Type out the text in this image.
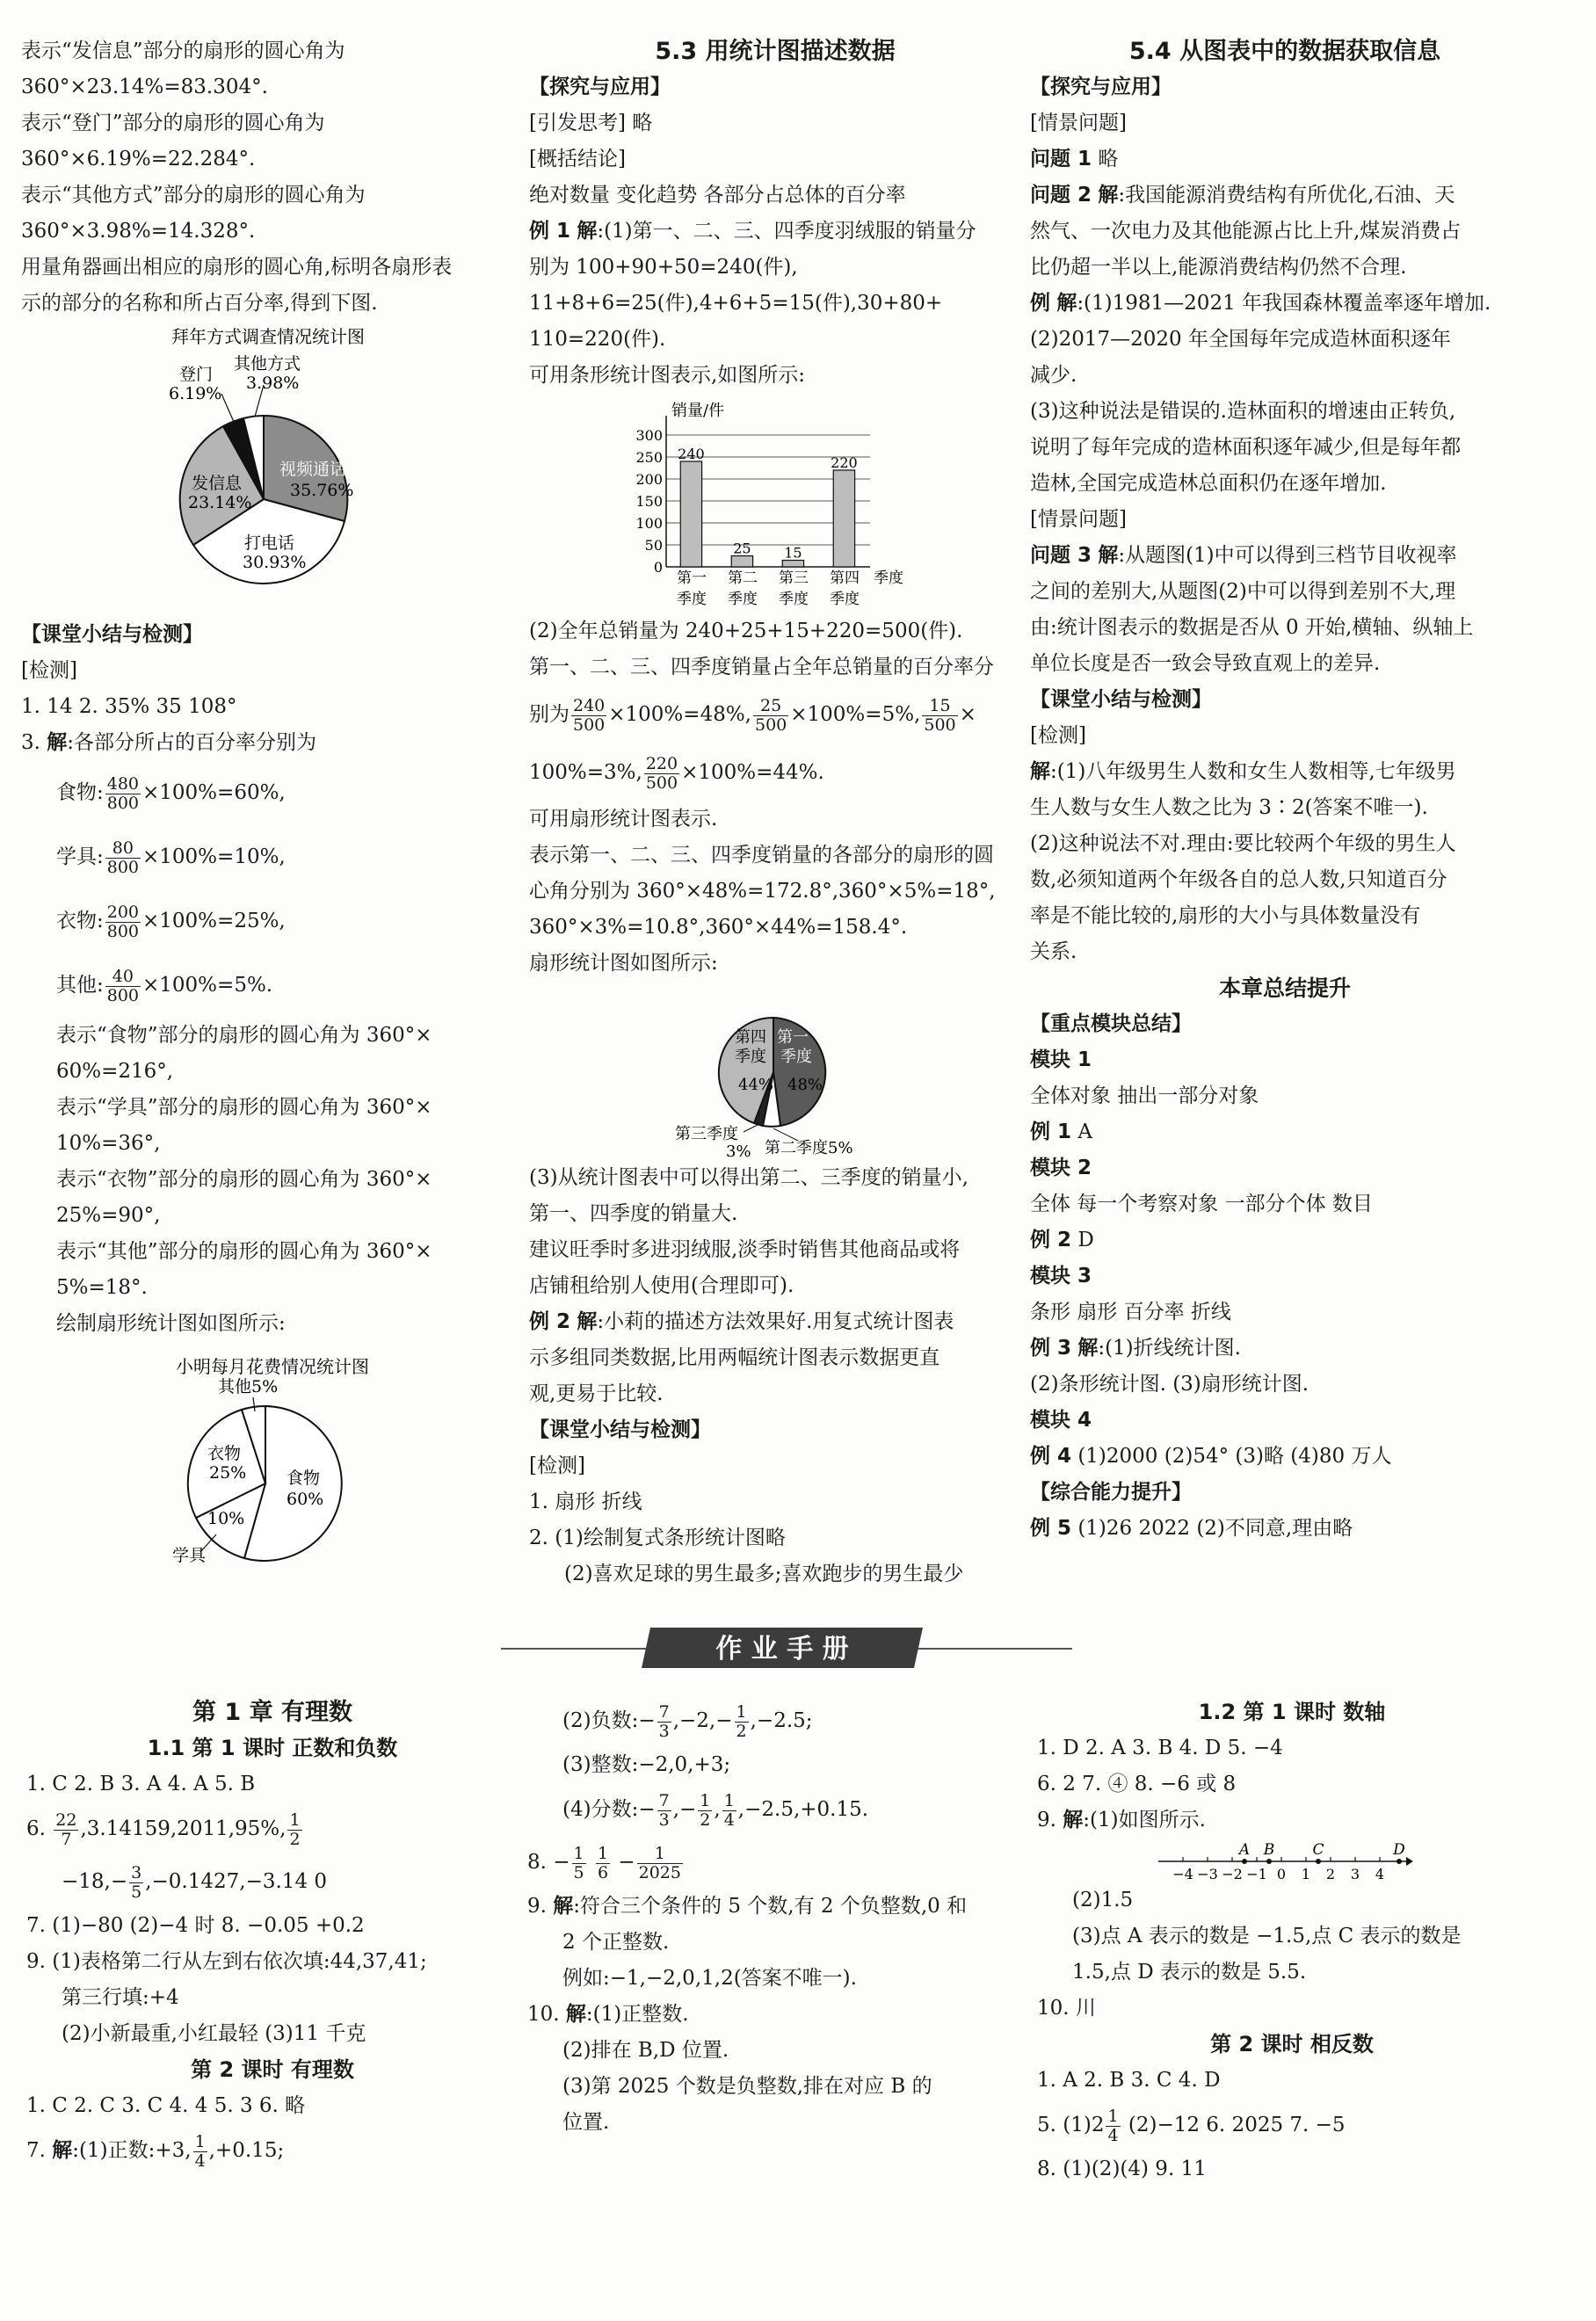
表示“发信息”部分的扇形的圆心角为

360°×23.14%=83.304°.

表示“登门”部分的扇形的圆心角为

360°×6.19%=22.284°.

表示“其他方式”部分的扇形的圆心角为

360°×3.98%=14.328°.

用量角器画出相应的扇形的圆心角,标明各扇形表

示的部分的名称和所占百分率,得到下图.

拜年方式调查情况统计图
登门
6.19%
其他方式
3.98%
发信息
23.14%
视频通话
35.76%
打电话
30.93%

【课堂小结与检测】

[检测]

1. 14 2. 35% 35 108°

3. 解:各部分所占的百分率分别为

食物: $\frac{480}{800} \times 100\%=60\%$,

学具: $\frac{80}{800} \times 100\%=10\%$,

衣物: $\frac{200}{800} \times 100\%=25\%$,

其他: $\frac{40}{800} \times 100\%=5\%$.

表示“食物”部分的扇形的圆心角为 360°×

60%=216°,

表示“学具”部分的扇形的圆心角为 360°×

10%=36°,

表示“衣物”部分的扇形的圆心角为 360°×

25%=90°,

表示“其他”部分的扇形的圆心角为 360°×

5%=18°.

绘制扇形统计图如图所示:

小明每月花费情况统计图
其他5%
衣物
25% 食物
60%
10%
学具

5.3 用统计图描述数据

【探究与应用】

[引发思考] 略

[概括结论]

绝对数量 变化趋势 各部分占总体的百分率

例 1 解:(1)第一、二、三、四季度羽绒服的销量分

别为 100+90+50=240(件),

11+8+6=25(件),4+6+5=15(件),30+80+

110=220(件).

可用条形统计图表示,如图所示:

销量/件
0
50
100
150
200
250
300
240
第一
季度
25
第二
季度
15
第三
季度
220
第四
季度
季度

(2)全年总销量为 240+25+15+220=500(件).

第一、二、三、四季度销量占全年总销量的百分率分

别为 $\frac{240}{500} \times 100\%=48\%$, $\frac{25}{500} \times 100\%=5\%$, $\frac{15}{500}$ ×

100%=3%, $\frac{220}{500} \times 100\%=44\%$.

可用扇形统计图表示.

表示第一、二、三、四季度销量的各部分的扇形的圆

心角分别为 360°×48%=172.8°,360°×5%=18°,

360°×3%=10.8°,360°×44%=158.4°.

扇形统计图如图所示:

第四
季度
44%
第一
季度
48%
第三季度
3% 第二季度5%

(3)从统计图表中可以得出第二、三季度的销量小,

第一、四季度的销量大.

建议旺季时多进羽绒服,淡季时销售其他商品或将

店铺租给别人使用(合理即可).

例 2 解:小莉的描述方法效果好.用复式统计图表

示多组同类数据,比用两幅统计图表示数据更直

观,更易于比较.

【课堂小结与检测】

[检测]

1. 扇形 折线

2. (1)绘制复式条形统计图略

(2)喜欢足球的男生最多;喜欢跑步的男生最少

5.4 从图表中的数据获取信息

【探究与应用】

[情景问题]

问题 1 略

问题 2 解:我国能源消费结构有所优化,石油、天

然气、一次电力及其他能源占比上升,煤炭消费占

比仍超一半以上,能源消费结构仍然不合理.

例 解:(1)1981—2021 年我国森林覆盖率逐年增加.

(2)2017—2020 年全国每年完成造林面积逐年

减少.

(3)这种说法是错误的.造林面积的增速由正转负,

说明了每年完成的造林面积逐年减少,但是每年都

造林,全国完成造林总面积仍在逐年增加.

[情景问题]

问题 3 解:从题图(1)中可以得到三档节目收视率

之间的差别大,从题图(2)中可以得到差别不大,理

由:统计图表示的数据是否从 0 开始,横轴、纵轴上

单位长度是否一致会导致直观上的差异.

【课堂小结与检测】

[检测]

解:(1)八年级男生人数和女生人数相等,七年级男

生人数与女生人数之比为 3∶2(答案不唯一).

(2)这种说法不对.理由:要比较两个年级的男生人

数,必须知道两个年级各自的总人数,只知道百分

率是不能比较的,扇形的大小与具体数量没有

关系.

本章总结提升

【重点模块总结】

模块 1

全体对象 抽出一部分对象

例 1 A

模块 2

全体 每一个考察对象 一部分个体 数目

例 2 D

模块 3

条形 扇形 百分率 折线

例 3 解:(1)折线统计图.

(2)条形统计图. (3)扇形统计图.

模块 4

例 4 (1)2000 (2)54° (3)略 (4)80 万人

【综合能力提升】

例 5 (1)26 2022 (2)不同意,理由略

作 业 手 册

第 1 章 有理数

1.1 第 1 课时 正数和负数

1. C 2. B 3. A 4. A 5. B

6. $\frac{22}{7} ,3.14159,2011,95\%$, $\frac{1}{2}$

$-18,- \frac{3}{5} ,-0.1427,-3.14$ 0

7. (1)−80 (2)−4 时 8. −0.05 +0.2

9. (1)表格第二行从左到右依次填:44,37,41;

第三行填:+4

(2)小新最重,小红最轻 (3)11 千克

第 2 课时 有理数

1. C 2. C 3. C 4. 4 5. 3 6. 略

7. 解:(1)正数:+3, $\frac{1}{4} ,+0.15$;

(2)负数:− $\frac{7}{3} ,-2,- \frac{1}{2} ,-2.5$;

(3)整数:−2,0,+3;

(4)分数:− $\frac{7}{3}$ ,− $\frac{1}{2}$ , $\frac{1}{4} ,-2.5,+0.15$.

8. − $\frac{1}{5}$
$\frac{1}{6} - \frac{1}{2025}$

9. 解:符合三个条件的 5 个数,有 2 个负整数,0 和

2 个正整数.

例如:−1,−2,0,1,2(答案不唯一).

10. 解:(1)正整数.

(2)排在 B,D 位置.

(3)第 2025 个数是负整数,排在对应 B 的

位置.

1.2 第 1 课时 数轴

1. D 2. A 3. B 4. D 5. −4

6. 2 7. ④ 8. −6 或 8

9. 解:(1)如图所示.

(2)1.5

(3)点 A 表示的数是 −1.5,点 C 表示的数是

1.5,点 D 表示的数是 5.5.

10. 川

第 2 课时 相反数

1. A 2. B 3. C 4. D

5. $(1)2 \frac{1}{4} (2)-12$ 6. 2025 7. −5

8. (1)(2)(4) 9. 11

−4 −3 −2 −1 0 1 2 3 4
A B	C	D
